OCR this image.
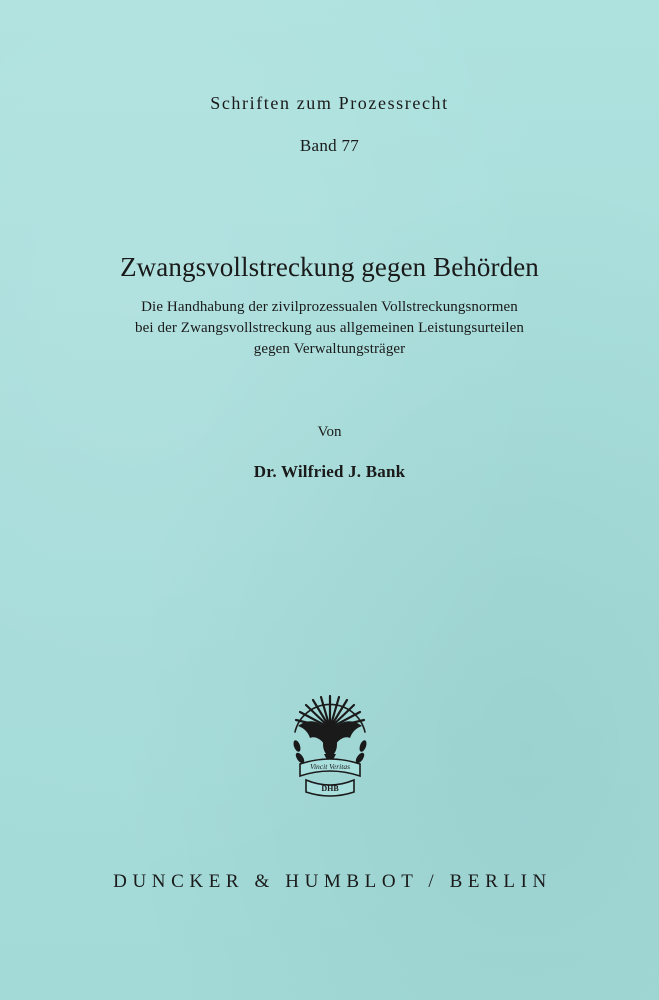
Schriften zum Prozessrecht
Band 77
Zwangsvollstreckung gegen Behörden
Die Handhabung der zivilprozessualen Vollstreckungsnormen
bei der Zwangsvollstreckung aus allgemeinen Leistungsurteilen
gegen Verwaltungsträger
Von
Dr. Wilfried J. Bank
Vincit Veritas
DHB
DUNCKER & HUMBLOT / BERLIN
